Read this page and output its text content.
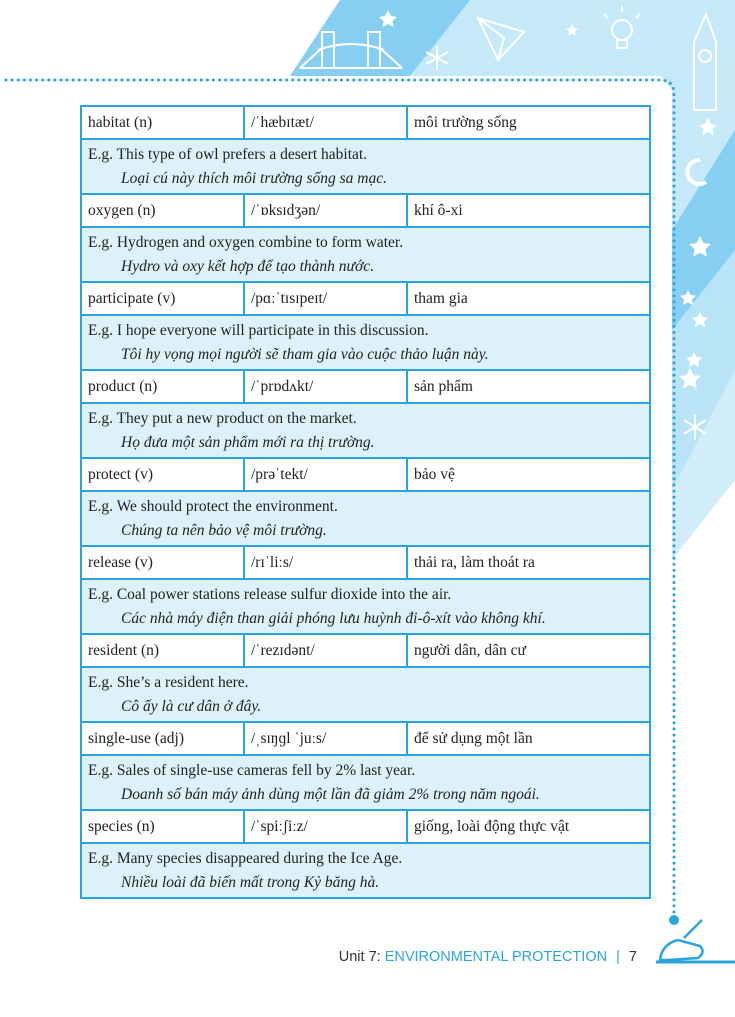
habitat (n)	/ˈhæbɪtæt/	môi trường sống

E.g. This type of owl prefers a desert habitat.
Loại cú này thích môi trường sống sa mạc.		

oxygen (n)	/ˈɒksɪdʒən/	khí ô-xi

E.g. Hydrogen and oxygen combine to form water.
Hydro và oxy kết hợp để tạo thành nước.		

participate (v)	/pɑːˈtɪsɪpeɪt/	tham gia

E.g. I hope everyone will participate in this discussion.
Tôi hy vọng mọi người sẽ tham gia vào cuộc thảo luận này.		

product (n)	/ˈprɒdʌkt/	sản phẩm

E.g. They put a new product on the market.
Họ đưa một sản phẩm mới ra thị trường.		

protect (v)	/prəˈtekt/	bảo vệ

E.g. We should protect the environment.
Chúng ta nên bảo vệ môi trường.		

release (v)	/rɪˈliːs/	thải ra, làm thoát ra

E.g. Coal power stations release sulfur dioxide into the air.
Các nhà máy điện than giải phóng lưu huỳnh đi-ô-xít vào không khí.		

resident (n)	/ˈrezɪdənt/	người dân, dân cư

E.g. She’s a resident here.
Cô ấy là cư dân ở đây.		

single-use (adj)	/ˌsɪŋɡl ˈjuːs/	để sử dụng một lần

E.g. Sales of single-use cameras fell by 2% last year.
Doanh số bán máy ảnh dùng một lần đã giảm 2% trong năm ngoái.		

species (n)	/ˈspiːʃiːz/	giống, loài động thực vật

E.g. Many species disappeared during the Ice Age.
Nhiều loài đã biến mất trong Kỷ băng hà.		
Unit 7: ENVIRONMENTAL PROTECTION | 7
